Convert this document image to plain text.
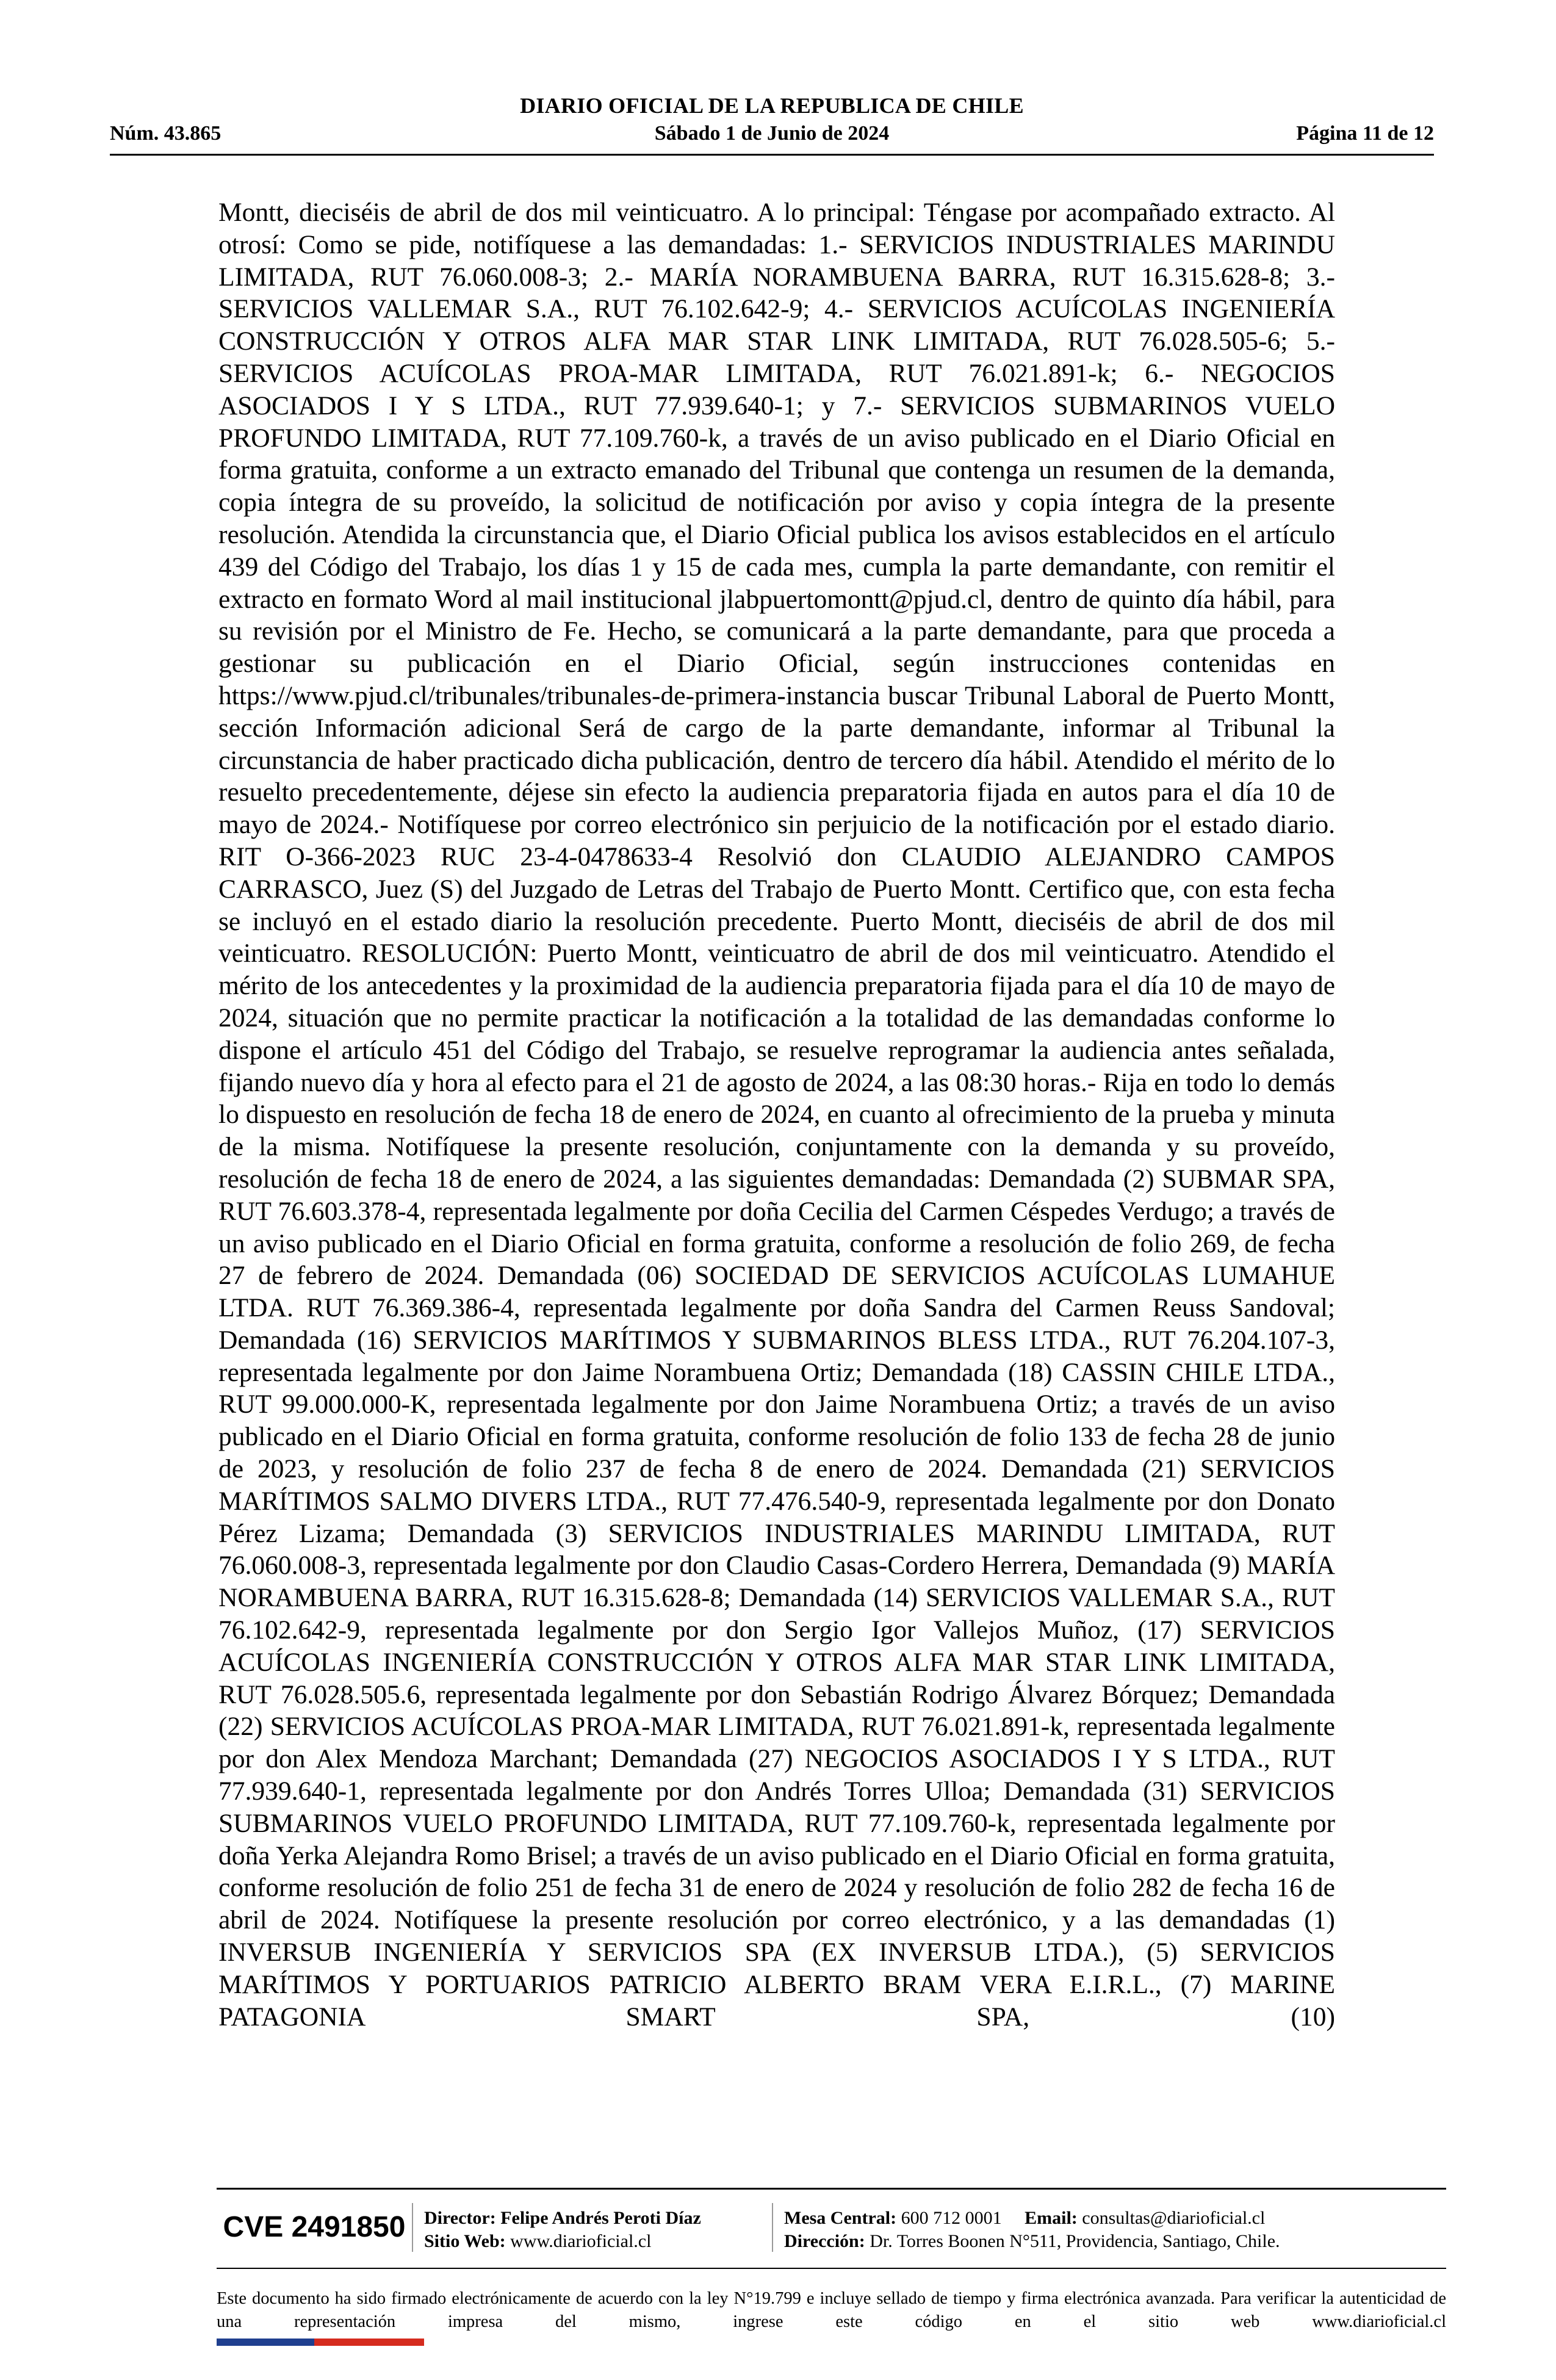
DIARIO OFICIAL DE LA REPUBLICA DE CHILE
Núm. 43.865	Sábado 1 de Junio de 2024	Página 11 de 12
Montt, dieciséis de abril de dos mil veinticuatro. A lo principal: Téngase por acompañado extracto. Al otrosí: Como se pide, notifíquese a las demandadas: 1.- SERVICIOS INDUSTRIALES MARINDU LIMITADA, RUT 76.060.008-3; 2.- MARÍA NORAMBUENA BARRA, RUT 16.315.628-8; 3.- SERVICIOS VALLEMAR S.A., RUT 76.102.642-9; 4.- SERVICIOS ACUÍCOLAS INGENIERÍA CONSTRUCCIÓN Y OTROS ALFA MAR STAR LINK LIMITADA, RUT 76.028.505-6; 5.- SERVICIOS ACUÍCOLAS PROA-MAR LIMITADA, RUT 76.021.891-k; 6.- NEGOCIOS ASOCIADOS I Y S LTDA., RUT 77.939.640-1; y 7.- SERVICIOS SUBMARINOS VUELO PROFUNDO LIMITADA, RUT 77.109.760-k, a través de un aviso publicado en el Diario Oficial en forma gratuita, conforme a un extracto emanado del Tribunal que contenga un resumen de la demanda, copia íntegra de su proveído, la solicitud de notificación por aviso y copia íntegra de la presente resolución. Atendida la circunstancia que, el Diario Oficial publica los avisos establecidos en el artículo 439 del Código del Trabajo, los días 1 y 15 de cada mes, cumpla la parte demandante, con remitir el extracto en formato Word al mail institucional jlabpuertomontt@pjud.cl, dentro de quinto día hábil, para su revisión por el Ministro de Fe. Hecho, se comunicará a la parte demandante, para que proceda a gestionar su publicación en el Diario Oficial, según instrucciones contenidas en https://www.pjud.cl/tribunales/tribunales-de-primera-instancia buscar Tribunal Laboral de Puerto Montt, sección Información adicional Será de cargo de la parte demandante, informar al Tribunal la circunstancia de haber practicado dicha publicación, dentro de tercero día hábil. Atendido el mérito de lo resuelto precedentemente, déjese sin efecto la audiencia preparatoria fijada en autos para el día 10 de mayo de 2024.- Notifíquese por correo electrónico sin perjuicio de la notificación por el estado diario. RIT O-366-2023 RUC 23-4-0478633-4 Resolvió don CLAUDIO ALEJANDRO CAMPOS CARRASCO, Juez (S) del Juzgado de Letras del Trabajo de Puerto Montt. Certifico que, con esta fecha se incluyó en el estado diario la resolución precedente. Puerto Montt, dieciséis de abril de dos mil veinticuatro. RESOLUCIÓN: Puerto Montt, veinticuatro de abril de dos mil veinticuatro. Atendido el mérito de los antecedentes y la proximidad de la audiencia preparatoria fijada para el día 10 de mayo de 2024, situación que no permite practicar la notificación a la totalidad de las demandadas conforme lo dispone el artículo 451 del Código del Trabajo, se resuelve reprogramar la audiencia antes señalada, fijando nuevo día y hora al efecto para el 21 de agosto de 2024, a las 08:30 horas.- Rija en todo lo demás lo dispuesto en resolución de fecha 18 de enero de 2024, en cuanto al ofrecimiento de la prueba y minuta de la misma. Notifíquese la presente resolución, conjuntamente con la demanda y su proveído, resolución de fecha 18 de enero de 2024, a las siguientes demandadas: Demandada (2) SUBMAR SPA, RUT 76.603.378-4, representada legalmente por doña Cecilia del Carmen Céspedes Verdugo; a través de un aviso publicado en el Diario Oficial en forma gratuita, conforme a resolución de folio 269, de fecha 27 de febrero de 2024. Demandada (06) SOCIEDAD DE SERVICIOS ACUÍCOLAS LUMAHUE LTDA. RUT 76.369.386-4, representada legalmente por doña Sandra del Carmen Reuss Sandoval; Demandada (16) SERVICIOS MARÍTIMOS Y SUBMARINOS BLESS LTDA., RUT 76.204.107-3, representada legalmente por don Jaime Norambuena Ortiz; Demandada (18) CASSIN CHILE LTDA., RUT 99.000.000-K, representada legalmente por don Jaime Norambuena Ortiz; a través de un aviso publicado en el Diario Oficial en forma gratuita, conforme resolución de folio 133 de fecha 28 de junio de 2023, y resolución de folio 237 de fecha 8 de enero de 2024. Demandada (21) SERVICIOS MARÍTIMOS SALMO DIVERS LTDA., RUT 77.476.540-9, representada legalmente por don Donato Pérez Lizama; Demandada (3) SERVICIOS INDUSTRIALES MARINDU LIMITADA, RUT 76.060.008-3, representada legalmente por don Claudio Casas-Cordero Herrera, Demandada (9) MARÍA NORAMBUENA BARRA, RUT 16.315.628-8; Demandada (14) SERVICIOS VALLEMAR S.A., RUT 76.102.642-9, representada legalmente por don Sergio Igor Vallejos Muñoz, (17) SERVICIOS ACUÍCOLAS INGENIERÍA CONSTRUCCIÓN Y OTROS ALFA MAR STAR LINK LIMITADA, RUT 76.028.505.6, representada legalmente por don Sebastián Rodrigo Álvarez Bórquez; Demandada (22) SERVICIOS ACUÍCOLAS PROA-MAR LIMITADA, RUT 76.021.891-k, representada legalmente por don Alex Mendoza Marchant; Demandada (27) NEGOCIOS ASOCIADOS I Y S LTDA., RUT 77.939.640-1, representada legalmente por don Andrés Torres Ulloa; Demandada (31) SERVICIOS SUBMARINOS VUELO PROFUNDO LIMITADA, RUT 77.109.760-k, representada legalmente por doña Yerka Alejandra Romo Brisel; a través de un aviso publicado en el Diario Oficial en forma gratuita, conforme resolución de folio 251 de fecha 31 de enero de 2024 y resolución de folio 282 de fecha 16 de abril de 2024. Notifíquese la presente resolución por correo electrónico, y a las demandadas (1) INVERSUB INGENIERÍA Y SERVICIOS SPA (EX INVERSUB LTDA.), (5) SERVICIOS MARÍTIMOS Y PORTUARIOS PATRICIO ALBERTO BRAM VERA E.I.R.L., (7) MARINE PATAGONIA SMART SPA, (10)
CVE 2491850	Director: Felipe Andrés Peroti Díaz
Sitio Web: www.diarioficial.cl
Mesa Central: 600 712 0001 Email: consultas@diarioficial.cl
Dirección: Dr. Torres Boonen N°511, Providencia, Santiago, Chile.
Este documento ha sido firmado electrónicamente de acuerdo con la ley N°19.799 e incluye sellado de tiempo y firma electrónica avanzada. Para verificar la autenticidad de una representación impresa del mismo, ingrese este código en el sitio web www.diarioficial.cl
